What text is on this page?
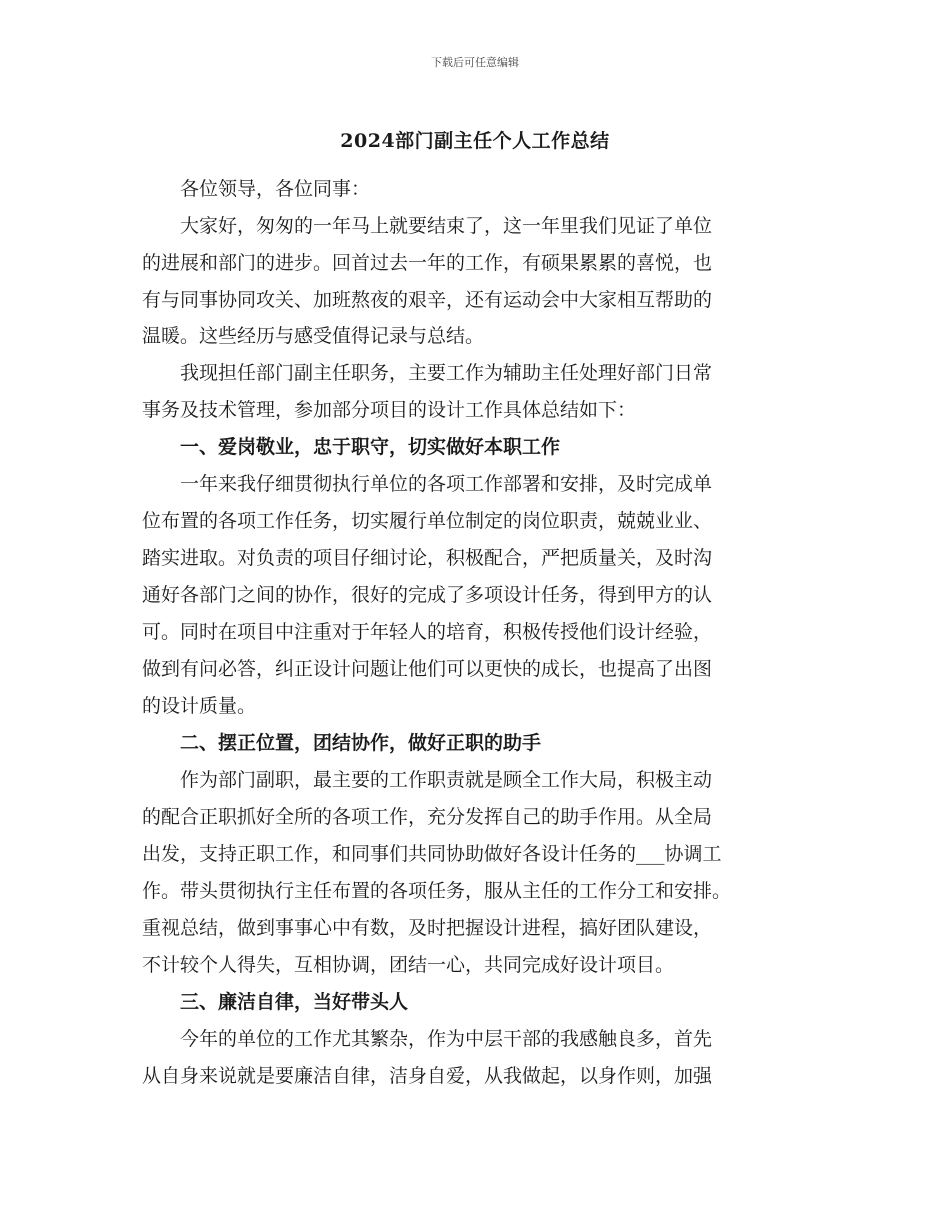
下载后可任意编辑
2024部门副主任个人工作总结
　　各位领导，各位同事：
　　大家好，匆匆的一年马上就要结束了，这一年里我们见证了单位
的进展和部门的进步。回首过去一年的工作，有硕果累累的喜悦，也
有与同事协同攻关、加班熬夜的艰辛，还有运动会中大家相互帮助的
温暖。这些经历与感受值得记录与总结。
　　我现担任部门副主任职务，主要工作为辅助主任处理好部门日常
事务及技术管理，参加部分项目的设计工作具体总结如下：
　　一、爱岗敬业，忠于职守，切实做好本职工作
　　一年来我仔细贯彻执行单位的各项工作部署和安排，及时完成单
位布置的各项工作任务，切实履行单位制定的岗位职责，兢兢业业、
踏实进取。对负责的项目仔细讨论，积极配合，严把质量关，及时沟
通好各部门之间的协作，很好的完成了多项设计任务，得到甲方的认
可。同时在项目中注重对于年轻人的培育，积极传授他们设计经验，
做到有问必答，纠正设计问题让他们可以更快的成长，也提高了出图
的设计质量。
　　二、摆正位置，团结协作，做好正职的助手
　　作为部门副职，最主要的工作职责就是顾全工作大局，积极主动
的配合正职抓好全所的各项工作，充分发挥自己的助手作用。从全局
出发，支持正职工作，和同事们共同协助做好各设计任务的___协调工
作。带头贯彻执行主任布置的各项任务，服从主任的工作分工和安排。
重视总结，做到事事心中有数，及时把握设计进程，搞好团队建设，
不计较个人得失，互相协调，团结一心，共同完成好设计项目。
　　三、廉洁自律，当好带头人
　　今年的单位的工作尤其繁杂，作为中层干部的我感触良多，首先
从自身来说就是要廉洁自律，洁身自爱，从我做起，以身作则，加强
